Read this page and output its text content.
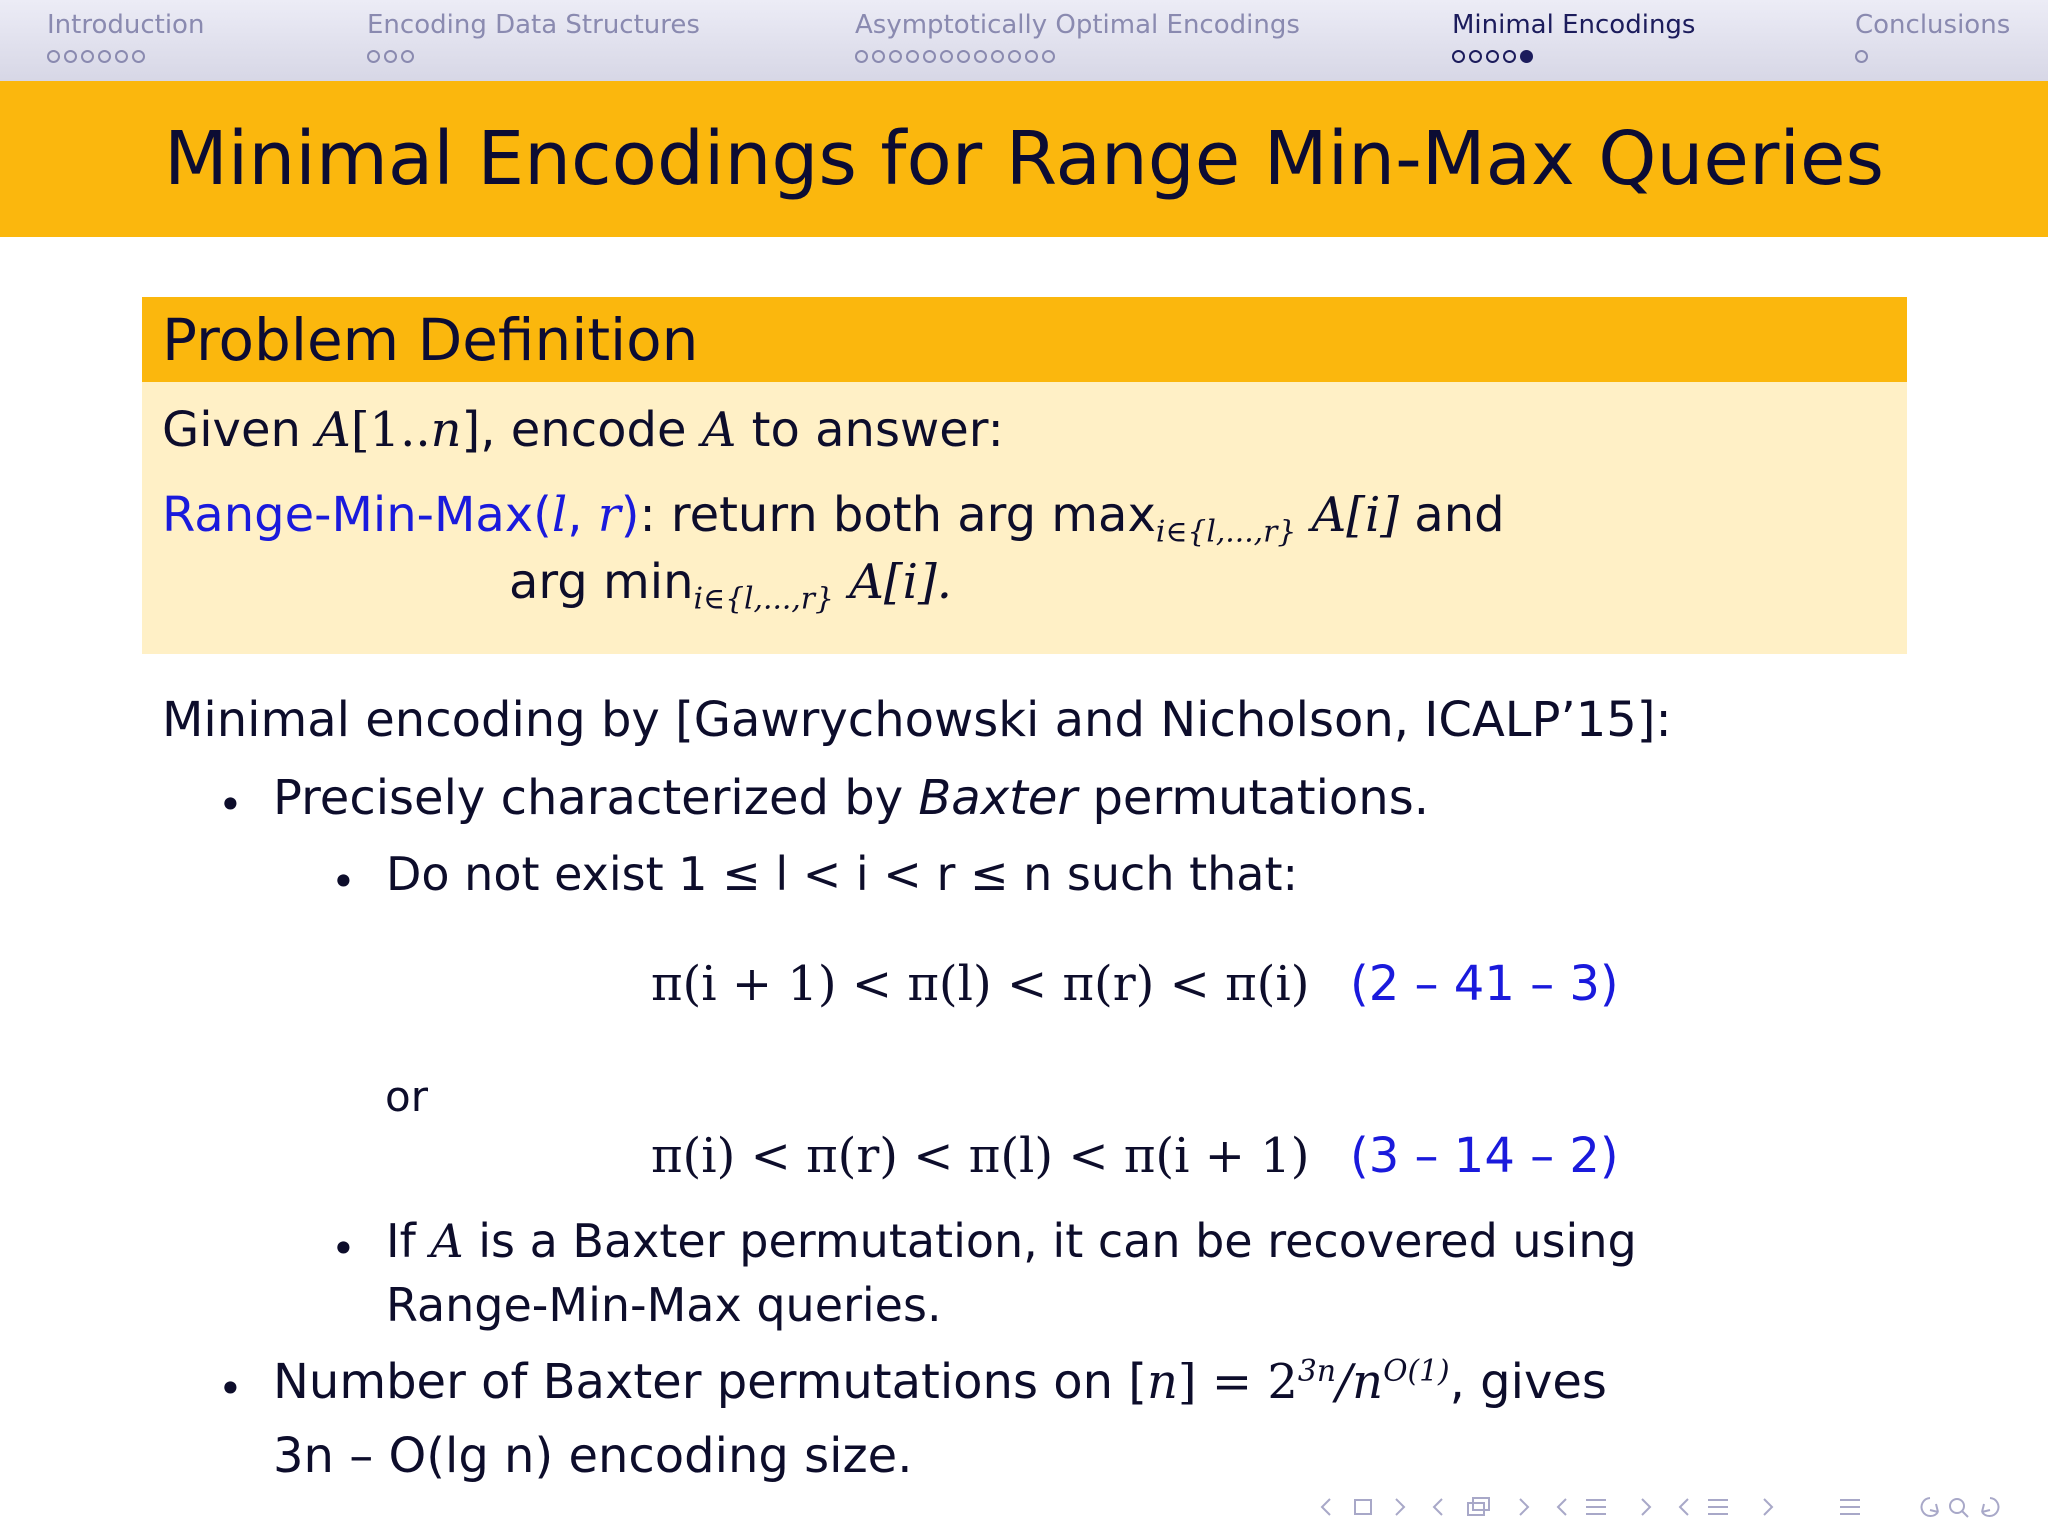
Introduction	Encoding Data Structures	Asymptotically Optimal Encodings	Minimal Encodings	Conclusions
Minimal Encodings for Range Min-Max Queries
Problem Definition
Given A[1..n], encode A to answer:
Range-Min-Max(l, r): return both arg $\max_{i\in\{l,...,r\}} A[i]$ and
arg $\min_{i\in\{l,...,r\}} A[i]$.
Minimal encoding by [Gawrychowski and Nicholson, ICALP’15]:
• Precisely characterized by Baxter permutations.
• Do not exist 1 ≤ l < i < r ≤ n such that:
π(i + 1) < π(l) < π(r) < π(i) (2 – 41 – 3)
or
π(i) < π(r) < π(l) < π(i + 1) (3 – 14 – 2)
• If A is a Baxter permutation, it can be recovered using
Range-Min-Max queries.
• Number of Baxter permutations on $[n] = 2^{3n}/n^{O(1)}$, gives
3n – O(lg n) encoding size.
